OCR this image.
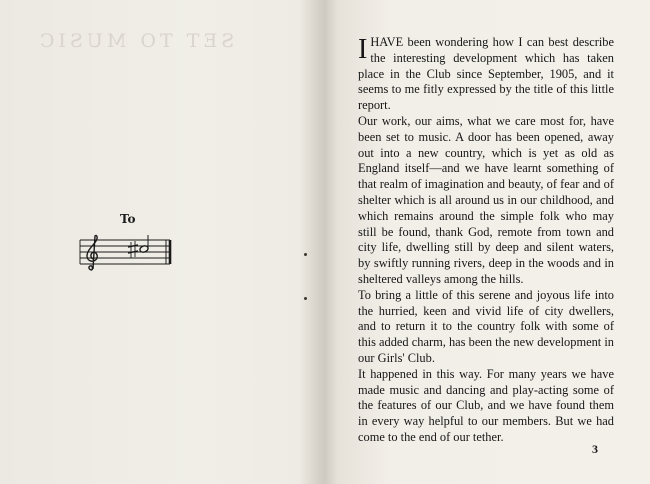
SET TO MUSIC
To

I HAVE been wondering how I can best describe the interesting development which has taken place in the Club since September, 1905, and it seems to me fitly expressed by the title of this little report.

Our work, our aims, what we care most for, have been set to music. A door has been opened, away out into a new country, which is yet as old as England itself—and we have learnt something of that realm of imagination and beauty, of fear and of shelter which is all around us in our childhood, and which remains around the simple folk who may still be found, thank God, remote from town and city life, dwelling still by deep and silent waters, by swiftly running rivers, deep in the woods and in sheltered valleys among the hills.

To bring a little of this serene and joyous life into the hurried, keen and vivid life of city dwellers, and to return it to the country folk with some of this added charm, has been the new development in our Girls' Club.

It happened in this way. For many years we have made music and dancing and play-acting some of the features of our Club, and we have found them in every way helpful to our members. But we had come to the end of our tether.

3
